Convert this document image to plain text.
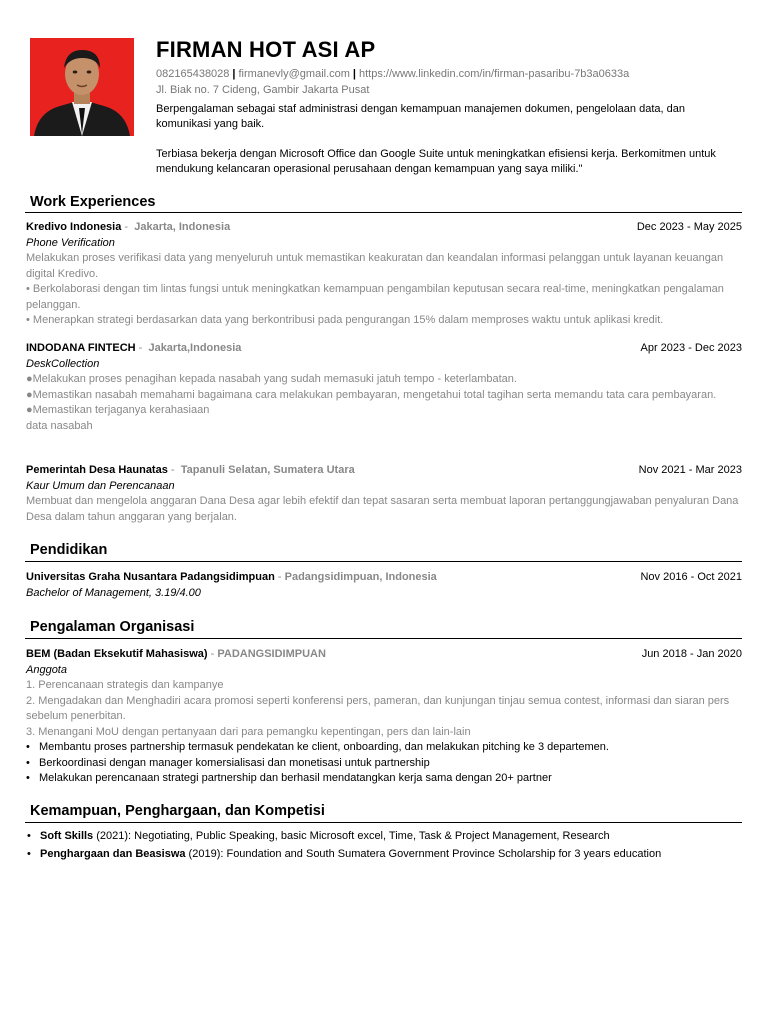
FIRMAN HOT ASI AP
082165438028 | firmanevly@gmail.com | https://www.linkedin.com/in/firman-pasaribu-7b3a0633a
Jl. Biak no. 7 Cideng, Gambir Jakarta Pusat

Berpengalaman sebagai staf administrasi dengan kemampuan manajemen dokumen, pengelolaan data, dan komunikasi yang baik.

Terbiasa bekerja dengan Microsoft Office dan Google Suite untuk meningkatkan efisiensi kerja. Berkomitmen untuk mendukung kelancaran operasional perusahaan dengan kemampuan yang saya miliki."

Work Experiences
Kredivo Indonesia - Jakarta, Indonesia	Dec 2023 - May 2025
Phone Verification
Melakukan proses verifikasi data yang menyeluruh untuk memastikan keakuratan dan keandalan informasi pelanggan untuk layanan keuangan digital Kredivo.
• Berkolaborasi dengan tim lintas fungsi untuk meningkatkan kemampuan pengambilan keputusan secara real-time, meningkatkan pengalaman pelanggan.
• Menerapkan strategi berdasarkan data yang berkontribusi pada pengurangan 15% dalam memproses waktu untuk aplikasi kredit.
INDODANA FINTECH - Jakarta,Indonesia	Apr 2023 - Dec 2023
DeskCollection
●Melakukan proses penagihan kepada nasabah yang sudah memasuki jatuh tempo - keterlambatan.
●Memastikan nasabah memahami bagaimana cara melakukan pembayaran, mengetahui total tagihan serta memandu tata cara pembayaran.
●Memastikan terjaganya kerahasiaan
data nasabah
Pemerintah Desa Haunatas - Tapanuli Selatan, Sumatera Utara	Nov 2021 - Mar 2023
Kaur Umum dan Perencanaan
Membuat dan mengelola anggaran Dana Desa agar lebih efektif dan tepat sasaran serta membuat laporan pertanggungjawaban penyaluran Dana Desa dalam tahun anggaran yang berjalan.
Pendidikan
Universitas Graha Nusantara Padangsidimpuan - Padangsidimpuan, Indonesia	Nov 2016 - Oct 2021
Bachelor of Management, 3.19/4.00
Pengalaman Organisasi
BEM (Badan Eksekutif Mahasiswa) - PADANGSIDIMPUAN	Jun 2018 - Jan 2020
Anggota
1. Perencanaan strategis dan kampanye
2. Mengadakan dan Menghadiri acara promosi seperti konferensi pers, pameran, dan kunjungan tinjau semua contest, informasi dan siaran pers sebelum penerbitan.
3. Menangani MoU dengan pertanyaan dari para pemangku kepentingan, pers dan lain-lain
• Membantu proses partnership termasuk pendekatan ke client, onboarding, dan melakukan pitching ke 3 departemen.
• Berkoordinasi dengan manager komersialisasi dan monetisasi untuk partnership
• Melakukan perencanaan strategi partnership dan berhasil mendatangkan kerja sama dengan 20+ partner
Kemampuan, Penghargaan, dan Kompetisi
• Soft Skills (2021): Negotiating, Public Speaking, basic Microsoft excel, Time, Task & Project Management, Research
• Penghargaan dan Beasiswa (2019): Foundation and South Sumatera Government Province Scholarship for 3 years education
